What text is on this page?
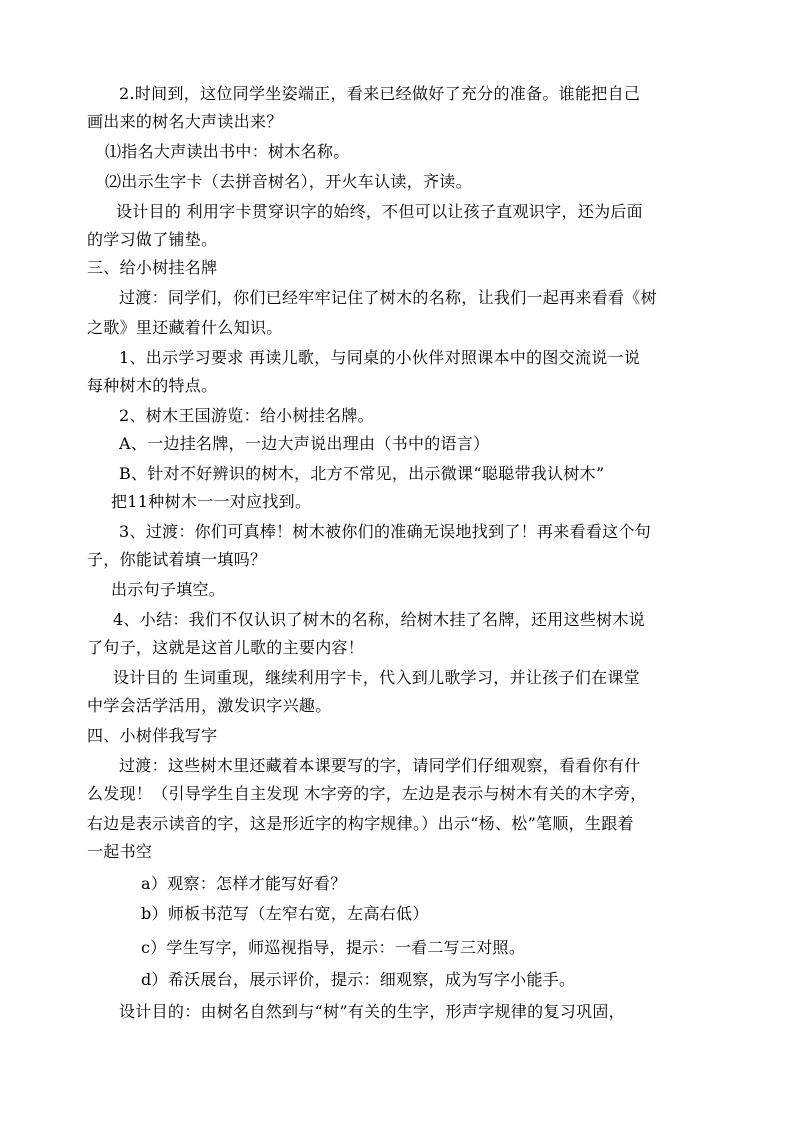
2.时间到，这位同学坐姿端正，看来已经做好了充分的准备。谁能把自己
画出来的树名大声读出来？
⑴指名大声读出书中：树木名称。
⑵出示生字卡（去拼音树名），开火车认读，齐读。
设计目的 利用字卡贯穿识字的始终，不但可以让孩子直观识字，还为后面
的学习做了铺垫。
三、给小树挂名牌
过渡：同学们，你们已经牢牢记住了树木的名称，让我们一起再来看看《树
之歌》里还藏着什么知识。
1、出示学习要求 再读儿歌，与同桌的小伙伴对照课本中的图交流说一说
每种树木的特点。
2、树木王国游览：给小树挂名牌。
A、一边挂名牌，一边大声说出理由（书中的语言）
B、针对不好辨识的树木，北方不常见，出示微课“聪聪带我认树木”
把11种树木一一对应找到。
3、过渡：你们可真棒！树木被你们的准确无误地找到了！再来看看这个句
子，你能试着填一填吗？
出示句子填空。
4、小结：我们不仅认识了树木的名称，给树木挂了名牌，还用这些树木说
了句子，这就是这首儿歌的主要内容！
设计目的 生词重现，继续利用字卡，代入到儿歌学习，并让孩子们在课堂
中学会活学活用，激发识字兴趣。
四、小树伴我写字
过渡：这些树木里还藏着本课要写的字，请同学们仔细观察，看看你有什
么发现！（引导学生自主发现 木字旁的字，左边是表示与树木有关的木字旁，
右边是表示读音的字，这是形近字的构字规律。）出示“杨、松”笔顺，生跟着
一起书空
a）观察：怎样才能写好看？
b）师板书范写（左窄右宽，左高右低）
c）学生写字，师巡视指导，提示：一看二写三对照。
d）希沃展台，展示评价，提示：细观察，成为写字小能手。
设计目的：由树名自然到与“树”有关的生字，形声字规律的复习巩固，
